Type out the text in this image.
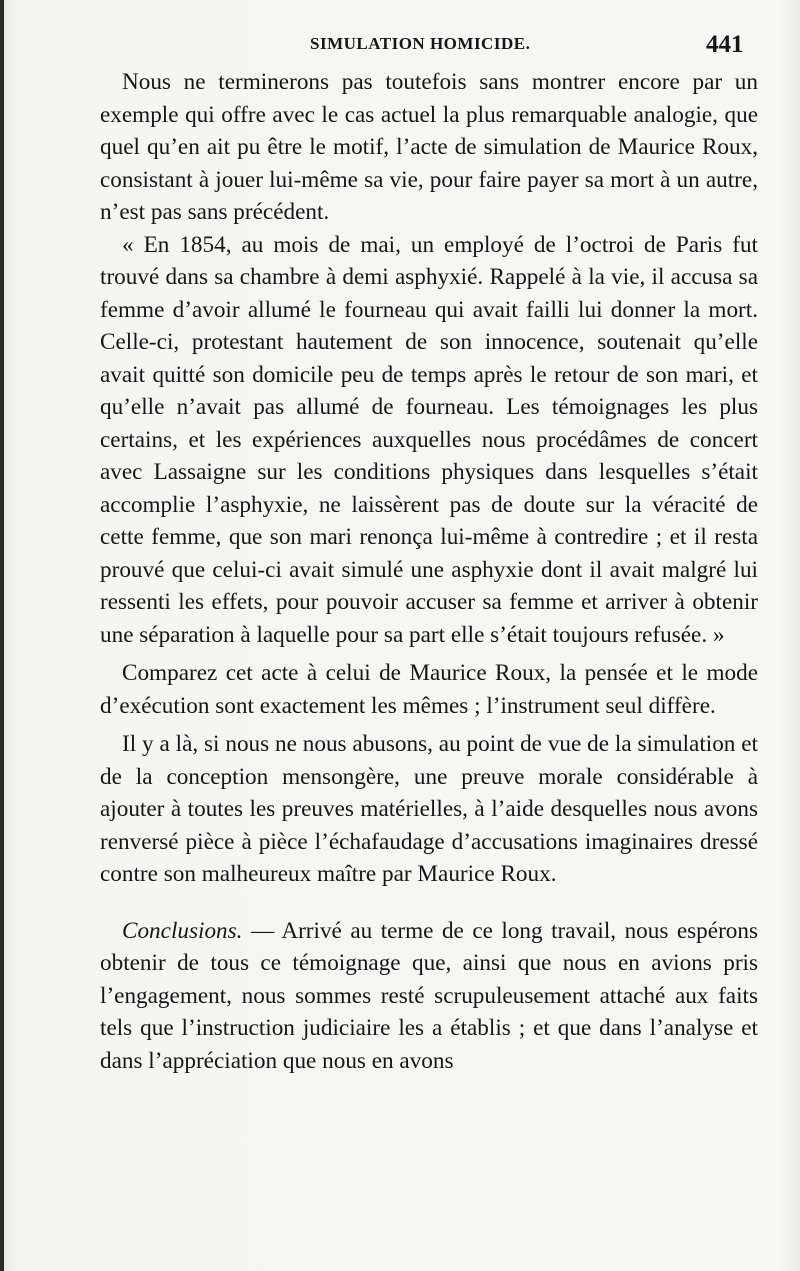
SIMULATION HOMICIDE.	441

Nous ne terminerons pas toutefois sans montrer encore par un exemple qui offre avec le cas actuel la plus remarquable analogie, que quel qu’en ait pu être le motif, l’acte de simulation de Maurice Roux, consistant à jouer lui-même sa vie, pour faire payer sa mort à un autre, n’est pas sans précédent.

« En 1854, au mois de mai, un employé de l’octroi de Paris fut trouvé dans sa chambre à demi asphyxié. Rappelé à la vie, il accusa sa femme d’avoir allumé le fourneau qui avait failli lui donner la mort. Celle-ci, protestant hautement de son innocence, soutenait qu’elle avait quitté son domicile peu de temps après le retour de son mari, et qu’elle n’avait pas allumé de fourneau. Les témoignages les plus certains, et les expériences auxquelles nous procédâmes de concert avec Lassaigne sur les conditions physiques dans lesquelles s’était accomplie l’asphyxie, ne laissèrent pas de doute sur la véracité de cette femme, que son mari renonça lui-même à contredire ; et il resta prouvé que celui-ci avait simulé une asphyxie dont il avait malgré lui ressenti les effets, pour pouvoir accuser sa femme et arriver à obtenir une séparation à laquelle pour sa part elle s’était toujours refusée. »

Comparez cet acte à celui de Maurice Roux, la pensée et le mode d’exécution sont exactement les mêmes ; l’instrument seul diffère.

Il y a là, si nous ne nous abusons, au point de vue de la simulation et de la conception mensongère, une preuve morale considérable à ajouter à toutes les preuves matérielles, à l’aide desquelles nous avons renversé pièce à pièce l’échafaudage d’accusations imaginaires dressé contre son malheureux maître par Maurice Roux.

Conclusions. — Arrivé au terme de ce long travail, nous espérons obtenir de tous ce témoignage que, ainsi que nous en avions pris l’engagement, nous sommes resté scrupuleusement attaché aux faits tels que l’instruction judiciaire les a établis ; et que dans l’analyse et dans l’appréciation que nous en avons
